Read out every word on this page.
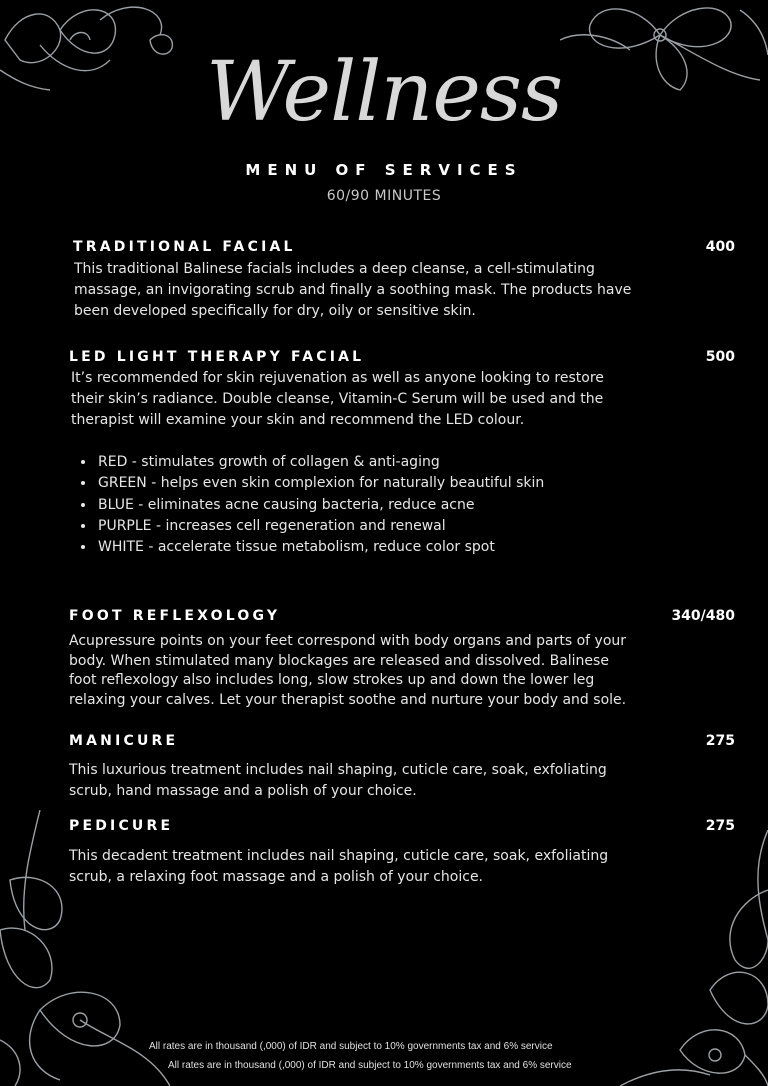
Wellness
MENU OF SERVICES
60/90 MINUTES
TRADITIONAL FACIAL	400

This traditional Balinese facials includes a deep cleanse, a cell-stimulating massage, an invigorating scrub and finally a soothing mask. The products have been developed specifically for dry, oily or sensitive skin.

LED LIGHT THERAPY FACIAL	500

It’s recommended for skin rejuvenation as well as anyone looking to restore their skin’s radiance. Double cleanse, Vitamin-C Serum will be used and the therapist will examine your skin and recommend the LED colour.

• RED - stimulates growth of collagen & anti-aging
• GREEN - helps even skin complexion for naturally beautiful skin
• BLUE - eliminates acne causing bacteria, reduce acne
• PURPLE - increases cell regeneration and renewal
• WHITE - accelerate tissue metabolism, reduce color spot
FOOT REFLEXOLOGY	340/480

Acupressure points on your feet correspond with body organs and parts of your body. When stimulated many blockages are released and dissolved. Balinese foot reflexology also includes long, slow strokes up and down the lower leg relaxing your calves. Let your therapist soothe and nurture your body and sole.

MANICURE	275

This luxurious treatment includes nail shaping, cuticle care, soak, exfoliating scrub, hand massage and a polish of your choice.

PEDICURE	275

This decadent treatment includes nail shaping, cuticle care, soak, exfoliating scrub, a relaxing foot massage and a polish of your choice.

All rates are in thousand (,000) of IDR and subject to 10% governments tax and 6% service
All rates are in thousand (,000) of IDR and subject to 10% governments tax and 6% service
